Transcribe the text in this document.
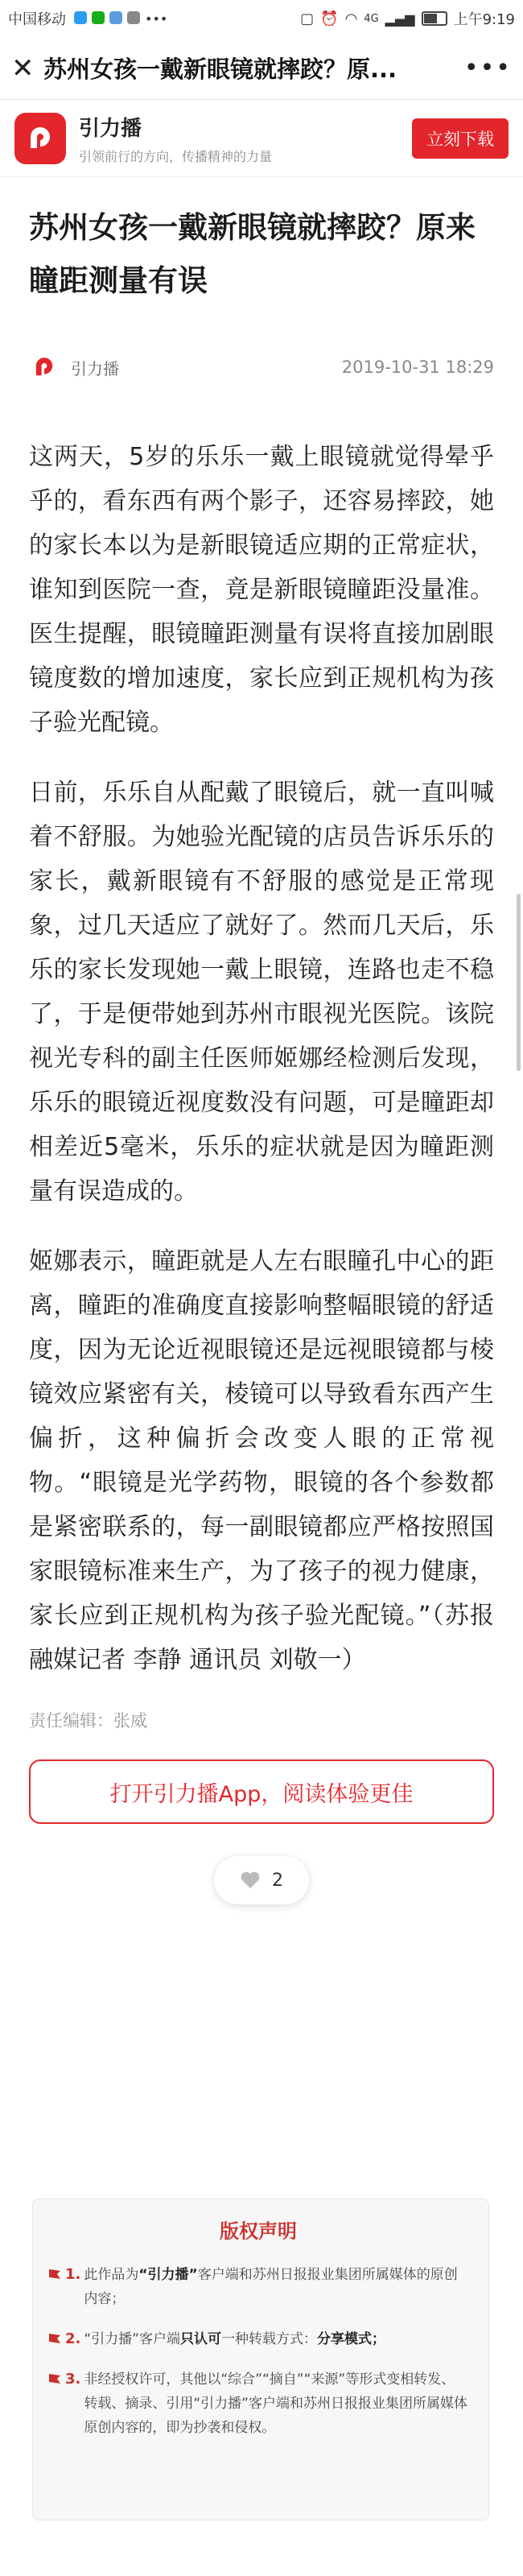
中国移动	•••	▢ ⏰ ◠ 4G ▂▄▆	上午9:19
✕ 苏州女孩一戴新眼镜就摔跤？原...	•••
引力播
引领前行的方向，传播精神的力量
立刻下载
苏州女孩一戴新眼镜就摔跤？原来瞳距测量有误
引力播	2019-10-31 18:29

这两天，5岁的乐乐一戴上眼镜就觉得晕乎乎的，看东西有两个影子，还容易摔跤，她的家长本以为是新眼镜适应期的正常症状，谁知到医院一查，竟是新眼镜瞳距没量准。医生提醒，眼镜瞳距测量有误将直接加剧眼镜度数的增加速度，家长应到正规机构为孩子验光配镜。

日前，乐乐自从配戴了眼镜后，就一直叫喊着不舒服。为她验光配镜的店员告诉乐乐的家长，戴新眼镜有不舒服的感觉是正常现象，过几天适应了就好了。然而几天后，乐乐的家长发现她一戴上眼镜，连路也走不稳了，于是便带她到苏州市眼视光医院。该院视光专科的副主任医师姬娜经检测后发现，乐乐的眼镜近视度数没有问题，可是瞳距却相差近5毫米，乐乐的症状就是因为瞳距测量有误造成的。

姬娜表示，瞳距就是人左右眼瞳孔中心的距离，瞳距的准确度直接影响整幅眼镜的舒适度，因为无论近视眼镜还是远视眼镜都与棱镜效应紧密有关，棱镜可以导致看东西产生偏折，这种偏折会改变人眼的正常视物。“眼镜是光学药物，眼镜的各个参数都是紧密联系的，每一副眼镜都应严格按照国家眼镜标准来生产，为了孩子的视力健康，家长应到正规机构为孩子验光配镜。”（苏报融媒记者 李静 通讯员 刘敬一）

责任编辑：张威
打开引力播App，阅读体验更佳
2
版权声明
1. 此作品为“引力播”客户端和苏州日报报业集团所属媒体的原创内容；
2. “引力播”客户端只认可一种转载方式：分享模式；
3. 非经授权许可，其他以“综合”“摘自”“来源”等形式变相转发、转载、摘录、引用“引力播”客户端和苏州日报报业集团所属媒体原创内容的，即为抄袭和侵权。
